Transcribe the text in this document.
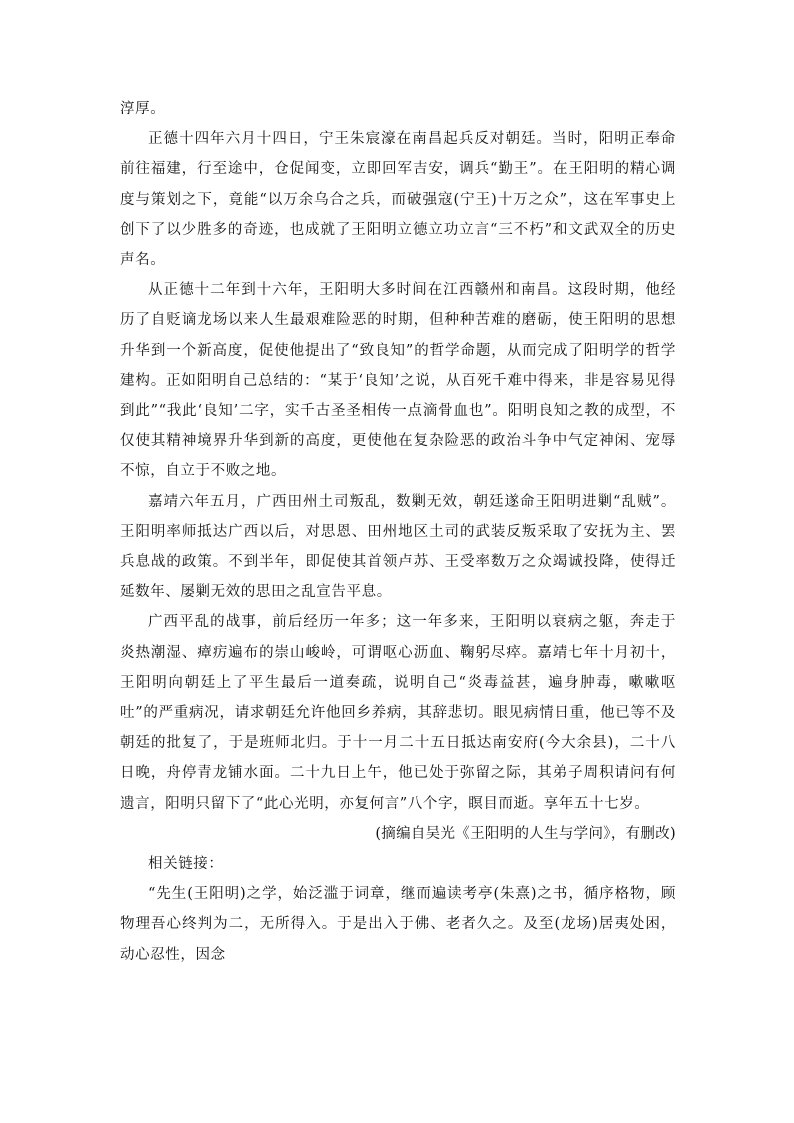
淳厚。

正德十四年六月十四日，宁王朱宸濠在南昌起兵反对朝廷。当时，阳明正奉命前往福建，行至途中，仓促闻变，立即回军吉安，调兵“勤王”。在王阳明的精心调度与策划之下，竟能“以万余乌合之兵，而破强寇(宁王)十万之众”，这在军事史上创下了以少胜多的奇迹，也成就了王阳明立德立功立言“三不朽”和文武双全的历史声名。

从正德十二年到十六年，王阳明大多时间在江西赣州和南昌。这段时期，他经历了自贬谪龙场以来人生最艰难险恶的时期，但种种苦难的磨砺，使王阳明的思想升华到一个新高度，促使他提出了“致良知”的哲学命题，从而完成了阳明学的哲学建构。正如阳明自己总结的：“某于‘良知’之说，从百死千难中得来，非是容易见得到此”“我此‘良知’二字，实千古圣圣相传一点滴骨血也”。阳明良知之教的成型，不仅使其精神境界升华到新的高度，更使他在复杂险恶的政治斗争中气定神闲、宠辱不惊，自立于不败之地。

嘉靖六年五月，广西田州土司叛乱，数剿无效，朝廷遂命王阳明进剿“乱贼”。王阳明率师抵达广西以后，对思恩、田州地区土司的武装反叛采取了安抚为主、罢兵息战的政策。不到半年，即促使其首领卢苏、王受率数万之众竭诚投降，使得迁延数年、屡剿无效的思田之乱宣告平息。

广西平乱的战事，前后经历一年多；这一年多来，王阳明以衰病之躯，奔走于炎热潮湿、瘴疠遍布的崇山峻岭，可谓呕心沥血、鞠躬尽瘁。嘉靖七年十月初十，王阳明向朝廷上了平生最后一道奏疏，说明自己“炎毒益甚，遍身肿毒，嗽嗽呕吐”的严重病况，请求朝廷允许他回乡养病，其辞悲切。眼见病情日重，他已等不及朝廷的批复了，于是班师北归。于十一月二十五日抵达南安府(今大余县)，二十八日晚，舟停青龙铺水面。二十九日上午，他已处于弥留之际，其弟子周积请问有何遗言，阳明只留下了“此心光明，亦复何言”八个字，瞑目而逝。享年五十七岁。

(摘编自吴光《王阳明的人生与学问》，有删改)

相关链接：

“先生(王阳明)之学，始泛滥于词章，继而遍读考亭(朱熹)之书，循序格物，顾物理吾心终判为二，无所得入。于是出入于佛、老者久之。及至(龙场)居夷处困，动心忍性，因念
